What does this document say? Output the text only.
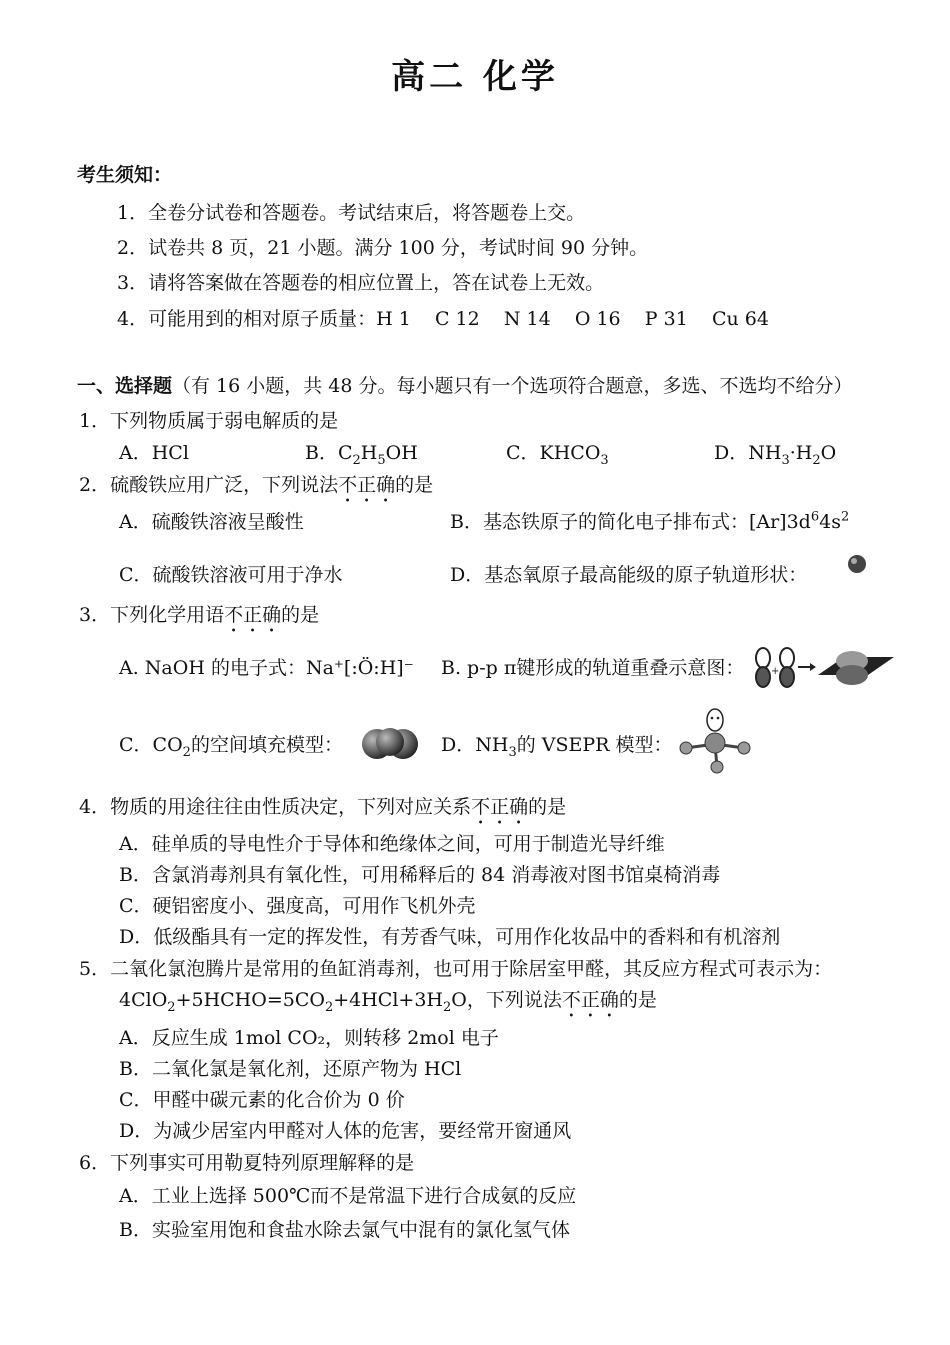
高二 化学
考生须知：
1．全卷分试卷和答题卷。考试结束后，将答题卷上交。
2．试卷共 8 页，21 小题。满分 100 分，考试时间 90 分钟。
3．请将答案做在答题卷的相应位置上，答在试卷上无效。
4．可能用到的相对原子质量：H 1    C 12    N 14    O 16    P 31    Cu 64
一、选择题（有 16 小题，共 48 分。每小题只有一个选项符合题意，多选、不选均不给分）
1．下列物质属于弱电解质的是
A．HCl	B．$C_2H_5OH$	C．$KHCO_3$	D．$NH_3\cdot H_2O$
2．硫酸铁应用广泛，下列说法不正确的是
A．硫酸铁溶液呈酸性	B．基态铁原子的简化电子排布式：$[Ar]3d^64s^2$
C．硫酸铁溶液可用于净水	D．基态氧原子最高能级的原子轨道形状：
3．下列化学用语不正确的是
A. NaOH 的电子式：Na⁺[:Ö:H]⁻ B. p-p π键形成的轨道重叠示意图：	+
C．$CO_2$的空间填充模型：	D．$NH_3$的 VSEPR 模型：
4．物质的用途往往由性质决定，下列对应关系不正确的是
A．硅单质的导电性介于导体和绝缘体之间，可用于制造光导纤维
B．含氯消毒剂具有氧化性，可用稀释后的 84 消毒液对图书馆桌椅消毒
C．硬铝密度小、强度高，可用作飞机外壳
D．低级酯具有一定的挥发性，有芳香气味，可用作化妆品中的香料和有机溶剂
5．二氧化氯泡腾片是常用的鱼缸消毒剂，也可用于除居室甲醛，其反应方程式可表示为：
$4ClO_2+5HCHO=5CO_2+4HCl+3H_2O$，下列说法不正确的是
A．反应生成 1mol CO₂，则转移 2mol 电子
B．二氧化氯是氧化剂，还原产物为 HCl
C．甲醛中碳元素的化合价为 0 价
D．为减少居室内甲醛对人体的危害，要经常开窗通风
6．下列事实可用勒夏特列原理解释的是
A．工业上选择 500℃而不是常温下进行合成氨的反应
B．实验室用饱和食盐水除去氯气中混有的氯化氢气体
